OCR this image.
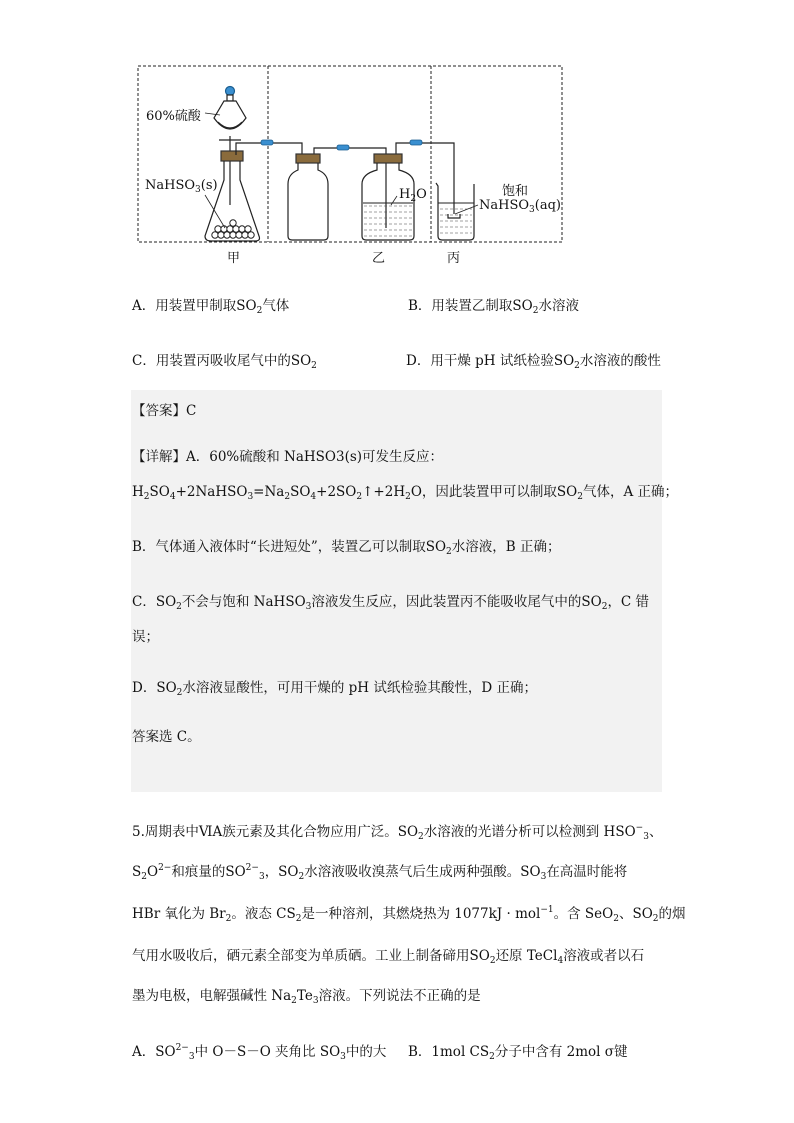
60%硫酸
NaHSO$_3$(s)
$H_2O$	饱和
NaHSO$_3$(aq)
甲	乙	丙
A．用装置甲制取$SO_2$气体	B．用装置乙制取$SO_2$水溶液
C．用装置丙吸收尾气中的$SO_2$	D．用干燥 pH 试纸检验$SO_2$水溶液的酸性
【答案】C
【详解】A．60%硫酸和 NaHSO3(s)可发生反应：
$H_2SO_4+2NaHSO_3=Na_2SO_4+2SO_2↑+2H_2O$，因此装置甲可以制取$SO_2$气体，A 正确；
B．气体通入液体时“长进短处”，装置乙可以制取$SO_2$水溶液，B 正确；
C．$SO_2$不会与饱和 NaHSO$_3$溶液发生反应，因此装置丙不能吸收尾气中的$SO_2$，C 错
误；
D．$SO_2$水溶液显酸性，可用干燥的 pH 试纸检验其酸性，D 正确；
答案选 C。
5.周期表中ⅥA族元素及其化合物应用广泛。$SO_2$水溶液的光谱分析可以检测到 $HSO^-_3$、
$S_2O^{2-}$和痕量的$SO^{2-}_3$，$SO_2$水溶液吸收溴蒸气后生成两种强酸。$SO_3$在高温时能将
HBr 氧化为 $Br_2$。液态 $CS_2$是一种溶剂，其燃烧热为 1077kJ · mol$^{-1}$。含 SeO$_2$、$SO_2$的烟
气用水吸收后，硒元素全部变为单质硒。工业上制备碲用$SO_2$还原 TeCl$_4$溶液或者以石
墨为电极，电解强碱性 $Na_2Te_3$溶液。下列说法不正确的是
A．$SO^{2-}_3$中 O－S－O 夹角比 $SO_3$中的大 B．1mol $CS_2$分子中含有 2mol σ键
